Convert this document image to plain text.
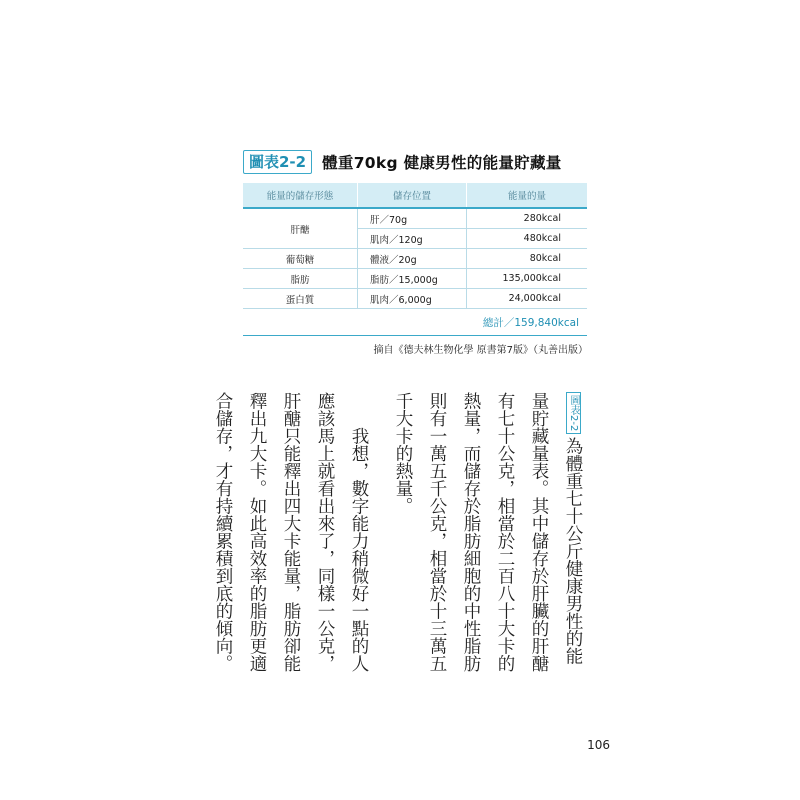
圖表2-2	體重70kg 健康男性的能量貯藏量
能量的儲存形態	儲存位置	能量的量
肝醣	肝／70g	280kcal
	肌肉／120g	480kcal
葡萄糖	體液／20g	80kcal
脂肪	脂肪／15,000g	135,000kcal
蛋白質	肌肉／6,000g	24,000kcal
總計／159,840kcal		
摘自《德夫林生物化學 原書第7版》（丸善出版）

圖表2-2為體重七十公斤健康男性的能量貯藏量表。其中儲存於肝臟的肝醣有七十公克，相當於二百八十大卡的熱量，而儲存於脂肪細胞的中性脂肪則有一萬五千公克，相當於十三萬五千大卡的熱量。

我想，數字能力稍微好一點的人應該馬上就看出來了，同樣一公克，肝醣只能釋出四大卡能量，脂肪卻能釋出九大卡。如此高效率的脂肪更適合儲存，才有持續累積到底的傾向。

106
